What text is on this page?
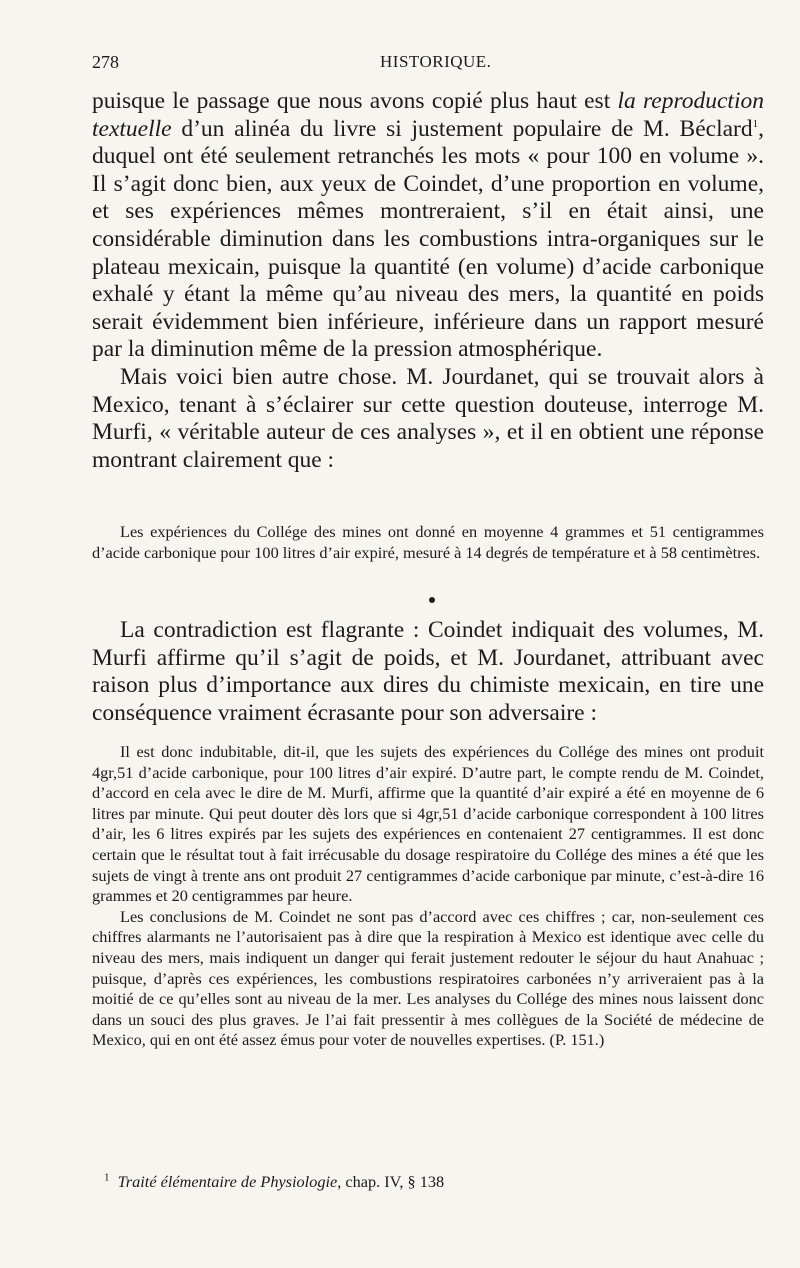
278	HISTORIQUE.

puisque le passage que nous avons copié plus haut est la reproduction textuelle d’un alinéa du livre si justement populaire de M. Béclard$^1$, duquel ont été seulement retranchés les mots « pour 100 en volume ». Il s’agit donc bien, aux yeux de Coindet, d’une proportion en volume, et ses expériences mêmes montreraient, s’il en était ainsi, une considérable diminution dans les combustions intra-organiques sur le plateau mexicain, puisque la quantité (en volume) d’acide carbonique exhalé y étant la même qu’au niveau des mers, la quantité en poids serait évidemment bien inférieure, inférieure dans un rapport mesuré par la diminution même de la pression atmosphérique.

Mais voici bien autre chose. M. Jourdanet, qui se trouvait alors à Mexico, tenant à s’éclairer sur cette question douteuse, interroge M. Murfi, « véritable auteur de ces analyses », et il en obtient une réponse montrant clairement que :

Les expériences du Collége des mines ont donné en moyenne 4 grammes et 51 centigrammes d’acide carbonique pour 100 litres d’air expiré, mesuré à 14 degrés de température et à 58 centimètres.

La contradiction est flagrante : Coindet indiquait des volumes, M. Murfi affirme qu’il s’agit de poids, et M. Jourdanet, attribuant avec raison plus d’importance aux dires du chimiste mexicain, en tire une conséquence vraiment écrasante pour son adversaire :

Il est donc indubitable, dit-il, que les sujets des expériences du Collége des mines ont produit 4gr,51 d’acide carbonique, pour 100 litres d’air expiré. D’autre part, le compte rendu de M. Coindet, d’accord en cela avec le dire de M. Murfi, affirme que la quantité d’air expiré a été en moyenne de 6 litres par minute. Qui peut douter dès lors que si 4gr,51 d’acide carbonique correspondent à 100 litres d’air, les 6 litres expirés par les sujets des expériences en contenaient 27 centigrammes. Il est donc certain que le résultat tout à fait irrécusable du dosage respiratoire du Collége des mines a été que les sujets de vingt à trente ans ont produit 27 centigrammes d’acide carbonique par minute, c’est-à-dire 16 grammes et 20 centigrammes par heure.

Les conclusions de M. Coindet ne sont pas d’accord avec ces chiffres ; car, non-seulement ces chiffres alarmants ne l’autorisaient pas à dire que la respiration à Mexico est identique avec celle du niveau des mers, mais indiquent un danger qui ferait justement redouter le séjour du haut Anahuac ; puisque, d’après ces expériences, les combustions respiratoires carbonées n’y arriveraient pas à la moitié de ce qu’elles sont au niveau de la mer. Les analyses du Collége des mines nous laissent donc dans un souci des plus graves. Je l’ai fait pressentir à mes collègues de la Société de médecine de Mexico, qui en ont été assez émus pour voter de nouvelles expertises. (P. 151.)

$^1$ Traité élémentaire de Physiologie, chap. IV, § 138
